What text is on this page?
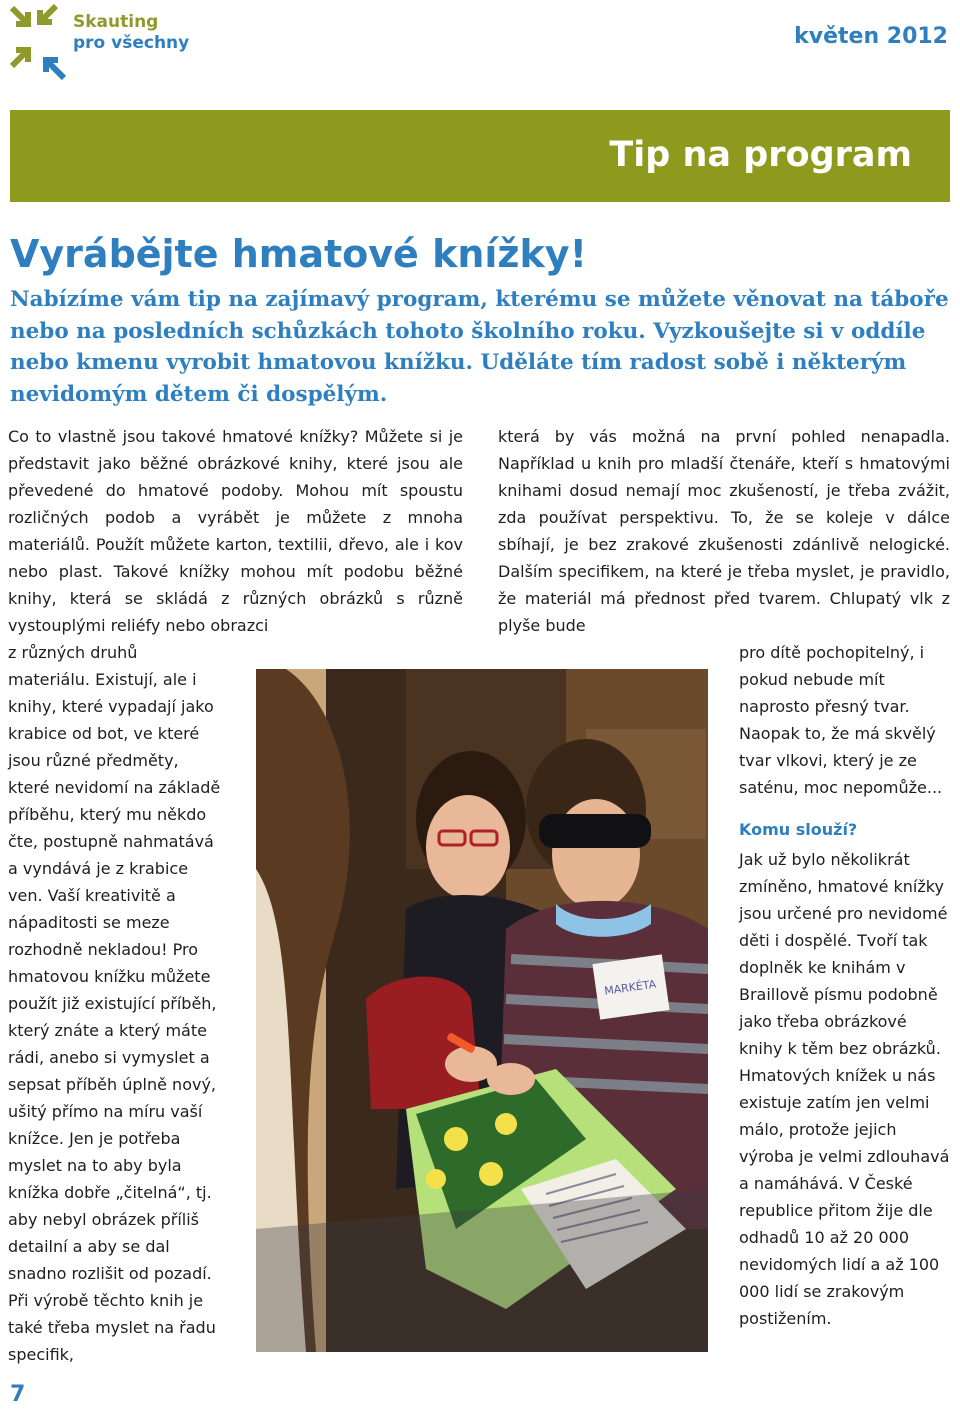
Skauting
pro všechny	květen 2012
Tip na program
Vyrábějte hmatové knížky!

Nabízíme vám tip na zajímavý program, kterému se můžete věnovat na táboře nebo na posledních schůzkách tohoto školního roku. Vyzkoušejte si v oddíle nebo kmenu vyrobit hmatovou knížku. Uděláte tím radost sobě i některým nevidomým dětem či dospělým.

Co to vlastně jsou takové hmatové knížky? Můžete si je představit jako běžné obrázkové knihy, které jsou ale převedené do hmatové podoby. Mohou mít spoustu rozličných podob a vyrábět je můžete z mnoha materiálů. Použít můžete karton, textilii, dřevo, ale i kov nebo plast. Takové knížky mohou mít podobu běžné knihy, která se skládá z různých obrázků s různě vystouplými reliéfy nebo obrazci

z různých druhů materiálu. Existují, ale i knihy, které vypadají jako krabice od bot, ve které jsou různé předměty, které nevidomí na základě příběhu, který mu někdo čte, postupně nahmatává a vyndává je z krabice ven. Vaší kreativitě a nápaditosti se meze rozhodně nekladou! Pro hmatovou knížku můžete použít již existující příběh, který znáte a který máte rádi, anebo si vymyslet a sepsat příběh úplně nový, ušitý přímo na míru vaší knížce. Jen je potřeba myslet na to aby byla knížka dobře „čitelná“, tj. aby nebyl obrázek příliš detailní a aby se dal snadno rozlišit od pozadí. Při výrobě těchto knih je také třeba myslet na řadu specifik,

která by vás možná na první pohled nenapadla. Například u knih pro mladší čtenáře, kteří s hmatovými knihami dosud nemají moc zkušeností, je třeba zvážit, zda používat perspektivu. To, že se koleje v dálce sbíhají, je bez zrakové zkušenosti zdánlivě nelogické. Dalším specifikem, na které je třeba myslet, je pravidlo, že materiál má přednost před tvarem. Chlupatý vlk z plyše bude

pro dítě pochopitelný, i pokud nebude mít naprosto přesný tvar. Naopak to, že má skvělý tvar vlkovi, který je ze saténu, moc nepomůže...

Komu slouží?

Jak už bylo několikrát zmíněno, hmatové knížky jsou určené pro nevidomé děti i dospělé. Tvoří tak doplněk ke knihám v Braillově písmu podobně jako třeba obrázkové knihy k těm bez obrázků. Hmatových knížek u nás existuje zatím jen velmi málo, protože jejich výroba je velmi zdlouhavá a namáhává. V České republice přitom žije dle odhadů 10 až 20 000 nevidomých lidí a až 100 000 lidí se zrakovým postižením.

MARKÉTA
7
